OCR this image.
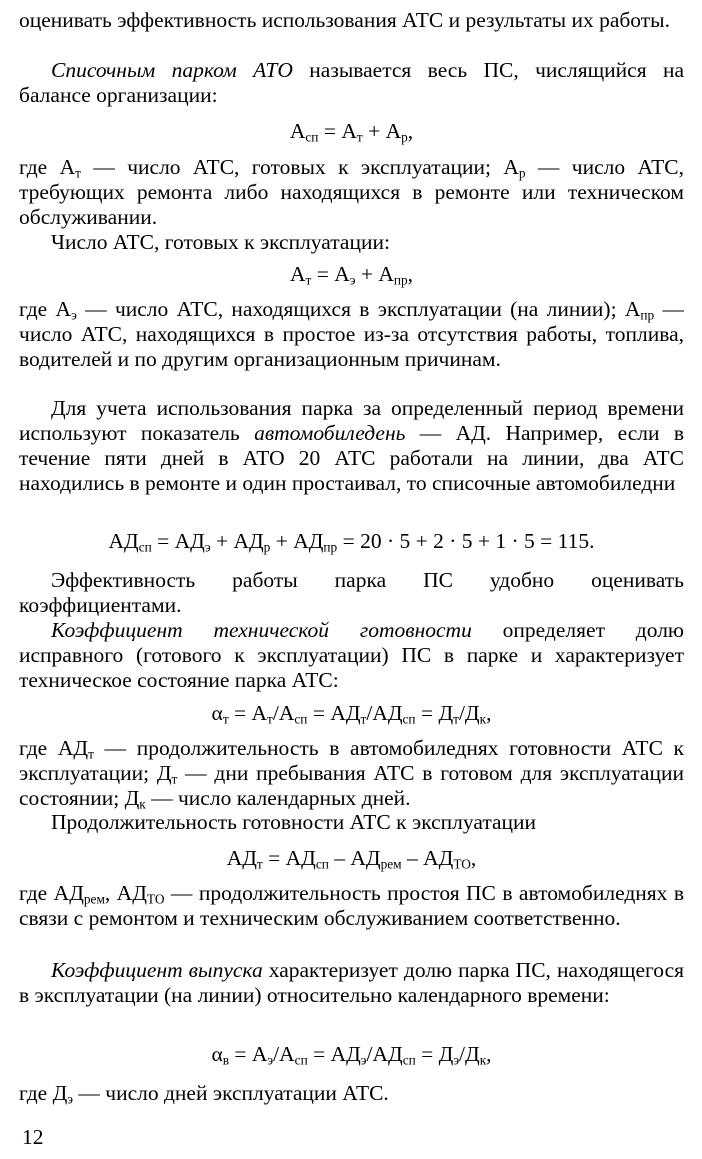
оценивать эффективность использования АТС и результаты их работы.
Списочным парком АТО называется весь ПС, числящийся на балансе организации:
$А_{сп} = А_т + А_р$,
где $А_т$ — число АТС, готовых к эксплуатации; $А_р$ — число АТС, требующих ремонта либо находящихся в ремонте или техническом обслуживании.
Число АТС, готовых к эксплуатации:
$А_т = А_э + А_{пр}$,
где $А_э$ — число АТС, находящихся в эксплуатации (на линии); $А_{пр}$ — число АТС, находящихся в простое из-за отсутствия работы, топлива, водителей и по другим организационным причинам.
Для учета использования парка за определенный период времени используют показатель автомобиледень — АД. Например, если в течение пяти дней в АТО 20 АТС работали на линии, два АТС находились в ремонте и один простаивал, то списочные автомобиледни
$АД_{сп} = АД_э + АД_р + АД_{пр} = 20 \cdot 5 + 2 \cdot 5 + 1 \cdot 5 = 115$.
Эффективность работы парка ПС удобно оценивать коэффициентами.
Коэффициент технической готовности определяет долю исправного (готового к эксплуатации) ПС в парке и характеризует техническое состояние парка АТС:
$\alpha_т = А_т/А_{сп} = АД_т/АД_{сп} = Д_т/Д_к$,
где $АД_т$ — продолжительность в автомобиледнях готовности АТС к эксплуатации; $Д_т$ — дни пребывания АТС в готовом для эксплуатации состоянии; $Д_к$ — число календарных дней.
Продолжительность готовности АТС к эксплуатации
$АД_т = АД_{сп} - АД_{рем} - АД_{ТО}$,
где $АД_{рем}$, $АД_{ТО}$ — продолжительность простоя ПС в автомобиледнях в связи с ремонтом и техническим обслуживанием соответственно.
Коэффициент выпуска характеризует долю парка ПС, находящегося в эксплуатации (на линии) относительно календарного времени:
$\alpha_в = А_э/А_{сп} = АД_э/АД_{сп} = Д_э/Д_к$,
где $Д_э$ — число дней эксплуатации АТС.
12
